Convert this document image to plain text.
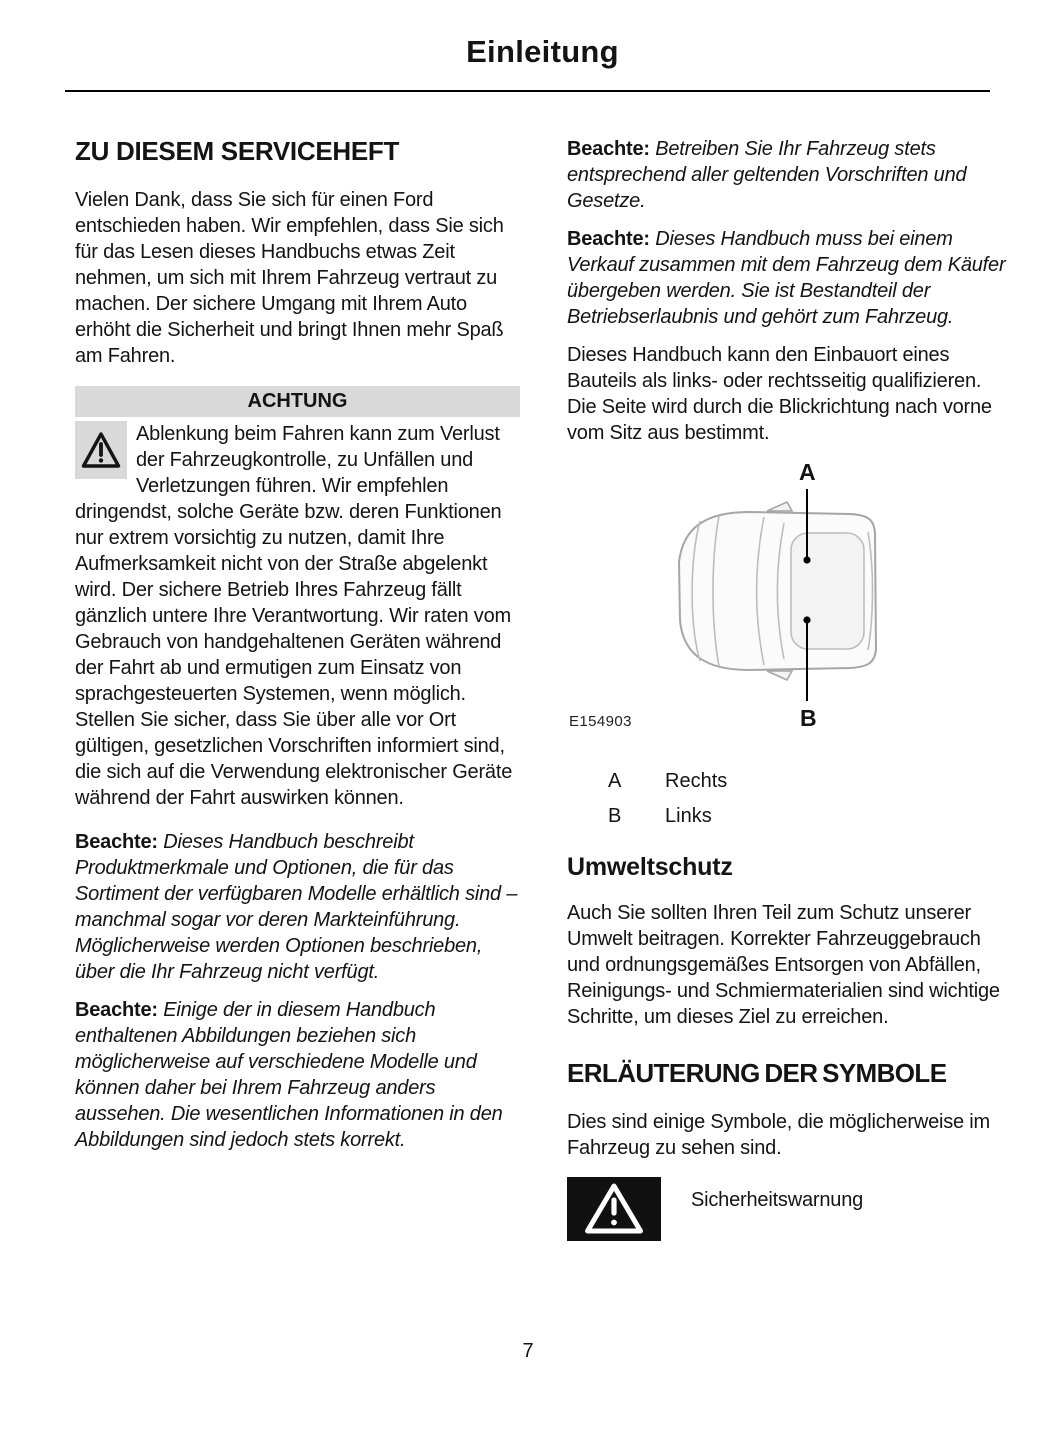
Einleitung
ZU DIESEM SERVICEHEFT

Vielen Dank, dass Sie sich für einen Ford entschieden haben. Wir empfehlen, dass Sie sich für das Lesen dieses Handbuchs etwas Zeit nehmen, um sich mit Ihrem Fahrzeug vertraut zu machen. Der sichere Umgang mit Ihrem Auto erhöht die Sicherheit und bringt Ihnen mehr Spaß am Fahren.

ACHTUNG
Ablenkung beim Fahren kann zum Verlust der Fahrzeugkontrolle, zu Unfällen und Verletzungen führen. Wir empfehlen dringendst, solche Geräte bzw. deren Funktionen nur extrem vorsichtig zu nutzen, damit Ihre Aufmerksamkeit nicht von der Straße abgelenkt wird. Der sichere Betrieb Ihres Fahrzeug fällt gänzlich untere Ihre Verantwortung. Wir raten vom Gebrauch von handgehaltenen Geräten während der Fahrt ab und ermutigen zum Einsatz von sprachgesteuerten Systemen, wenn möglich. Stellen Sie sicher, dass Sie über alle vor Ort gültigen, gesetzlichen Vorschriften informiert sind, die sich auf die Verwendung elektronischer Geräte während der Fahrt auswirken können.

Beachte: Dieses Handbuch beschreibt Produktmerkmale und Optionen, die für das Sortiment der verfügbaren Modelle erhältlich sind – manchmal sogar vor deren Markteinführung. Möglicherweise werden Optionen beschrieben, über die Ihr Fahrzeug nicht verfügt.

Beachte: Einige der in diesem Handbuch enthaltenen Abbildungen beziehen sich möglicherweise auf verschiedene Modelle und können daher bei Ihrem Fahrzeug anders aussehen. Die wesentlichen Informationen in den Abbildungen sind jedoch stets korrekt.

Beachte: Betreiben Sie Ihr Fahrzeug stets entsprechend aller geltenden Vorschriften und Gesetze.

Beachte: Dieses Handbuch muss bei einem Verkauf zusammen mit dem Fahrzeug dem Käufer übergeben werden. Sie ist Bestandteil der Betriebserlaubnis und gehört zum Fahrzeug.

Dieses Handbuch kann den Einbauort eines Bauteils als links- oder rechtsseitig qualifizieren. Die Seite wird durch die Blickrichtung nach vorne vom Sitz aus bestimmt.

A
B
E154903
A	Rechts
B	Links
Umweltschutz

Auch Sie sollten Ihren Teil zum Schutz unserer Umwelt beitragen. Korrekter Fahrzeuggebrauch und ordnungsgemäßes Entsorgen von Abfällen, Reinigungs- und Schmiermaterialien sind wichtige Schritte, um dieses Ziel zu erreichen.

ERLÄUTERUNG DER SYMBOLE

Dies sind einige Symbole, die möglicherweise im Fahrzeug zu sehen sind.

Sicherheitswarnung
7
